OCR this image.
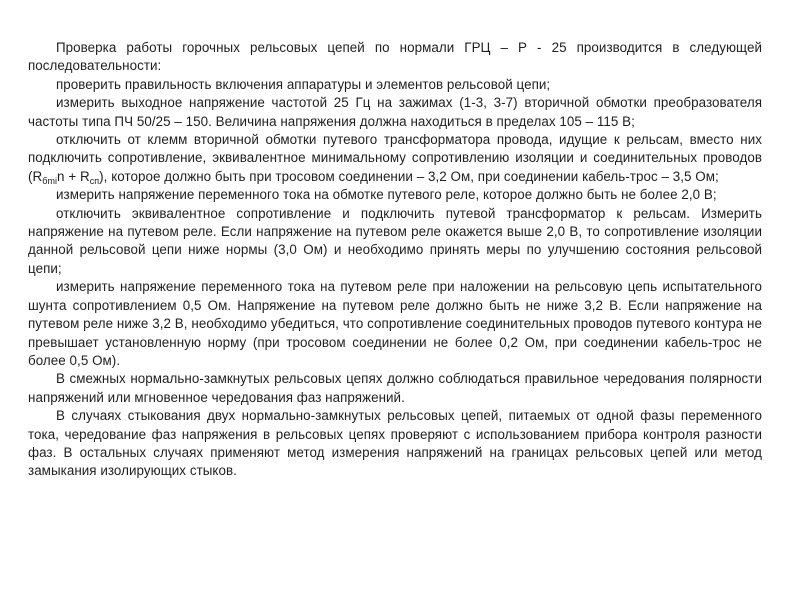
Проверка работы горочных рельсовых цепей по нормали ГРЦ – Р - 25 производится в следующей последовательности:

проверить правильность включения аппаратуры и элементов рельсовой цепи;

измерить выходное напряжение частотой 25 Гц на зажимах (1-3, 3-7) вторичной обмотки преобразователя частоты типа ПЧ 50/25 – 150. Величина напряжения должна находиться в пределах 105 – 115 В;

отключить от клемм вторичной обмотки путевого трансформатора провода, идущие к рельсам, вместо них подключить сопротивление, эквивалентное минимальному сопротивлению изоляции и соединительных проводов $(R_{бmi}n + R_{сп})$, которое должно быть при тросовом соединении – 3,2 Ом, при соединении кабель-трос – 3,5 Ом;

измерить напряжение переменного тока на обмотке путевого реле, которое должно быть не более 2,0 В;

отключить эквивалентное сопротивление и подключить путевой трансформатор к рельсам. Измерить напряжение на путевом реле. Если напряжение на путевом реле окажется выше 2,0 В, то сопротивление изоляции данной рельсовой цепи ниже нормы (3,0 Ом) и необходимо принять меры по улучшению состояния рельсовой цепи;

измерить напряжение переменного тока на путевом реле при наложении на рельсовую цепь испытательного шунта сопротивлением 0,5 Ом. Напряжение на путевом реле должно быть не ниже 3,2 В. Если напряжение на путевом реле ниже 3,2 В, необходимо убедиться, что сопротивление соединительных проводов путевого контура не превышает установленную норму (при тросовом соединении не более 0,2 Ом, при соединении кабель-трос не более 0,5 Ом).

В смежных нормально-замкнутых рельсовых цепях должно соблюдаться правильное чередования полярности напряжений или мгновенное чередования фаз напряжений.

В случаях стыкования двух нормально-замкнутых рельсовых цепей, питаемых от одной фазы переменного тока, чередование фаз напряжения в рельсовых цепях проверяют с использованием прибора контроля разности фаз. В остальных случаях применяют метод измерения напряжений на границах рельсовых цепей или метод замыкания изолирующих стыков.
